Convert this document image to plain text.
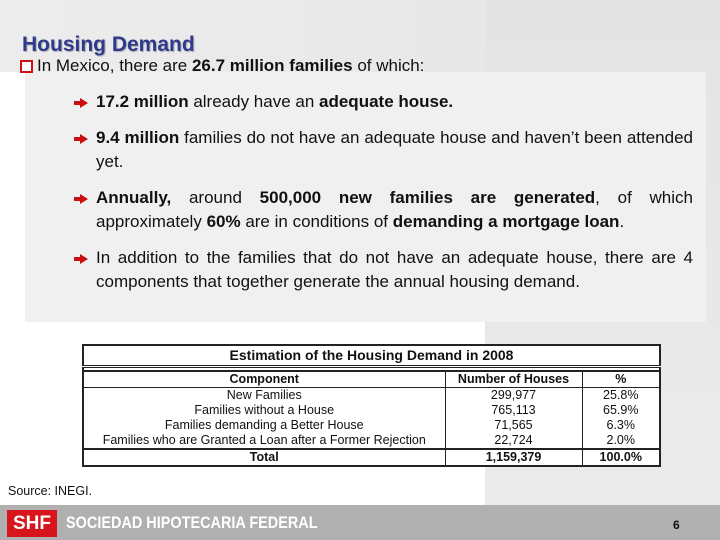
Housing Demand
In Mexico, there are 26.7 million families of which:
17.2 million already have an adequate house.
9.4 million families do not have an adequate house and haven’t been attended yet.
Annually, around 500,000 new families are generated, of which approximately 60% are in conditions of demanding a mortgage loan.
In addition to the families that do not have an adequate house, there are 4 components that together generate the annual housing demand.
Estimation of the Housing Demand in 2008		

Component	Number of Houses	%
New Families	299,977	25.8%
Families without a House	765,113	65.9%
Families demanding a Better House	71,565	6.3%
Families who are Granted a Loan after a Former Rejection	22,724	2.0%
Total	1,159,379	100.0%
Source: INEGI.
SHF SOCIEDAD HIPOTECARIA FEDERAL	6
